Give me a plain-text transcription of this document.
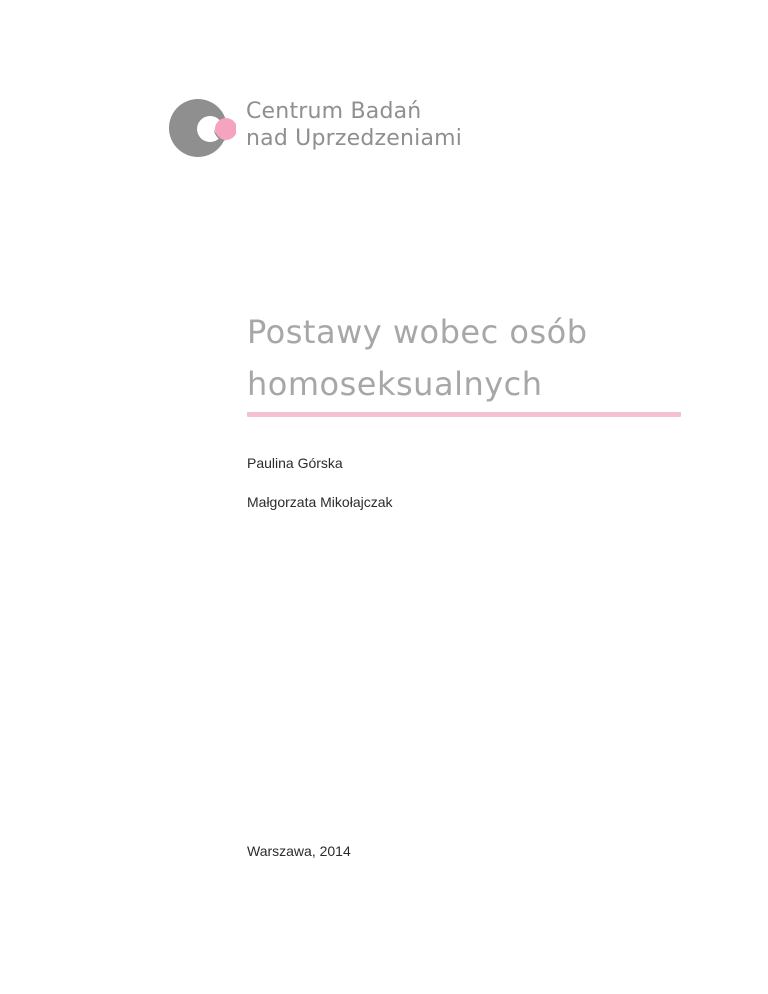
Centrum Badań
nad Uprzedzeniami
Postawy wobec osób
homoseksualnych
Paulina Górska
Małgorzata Mikołajczak
Warszawa, 2014
